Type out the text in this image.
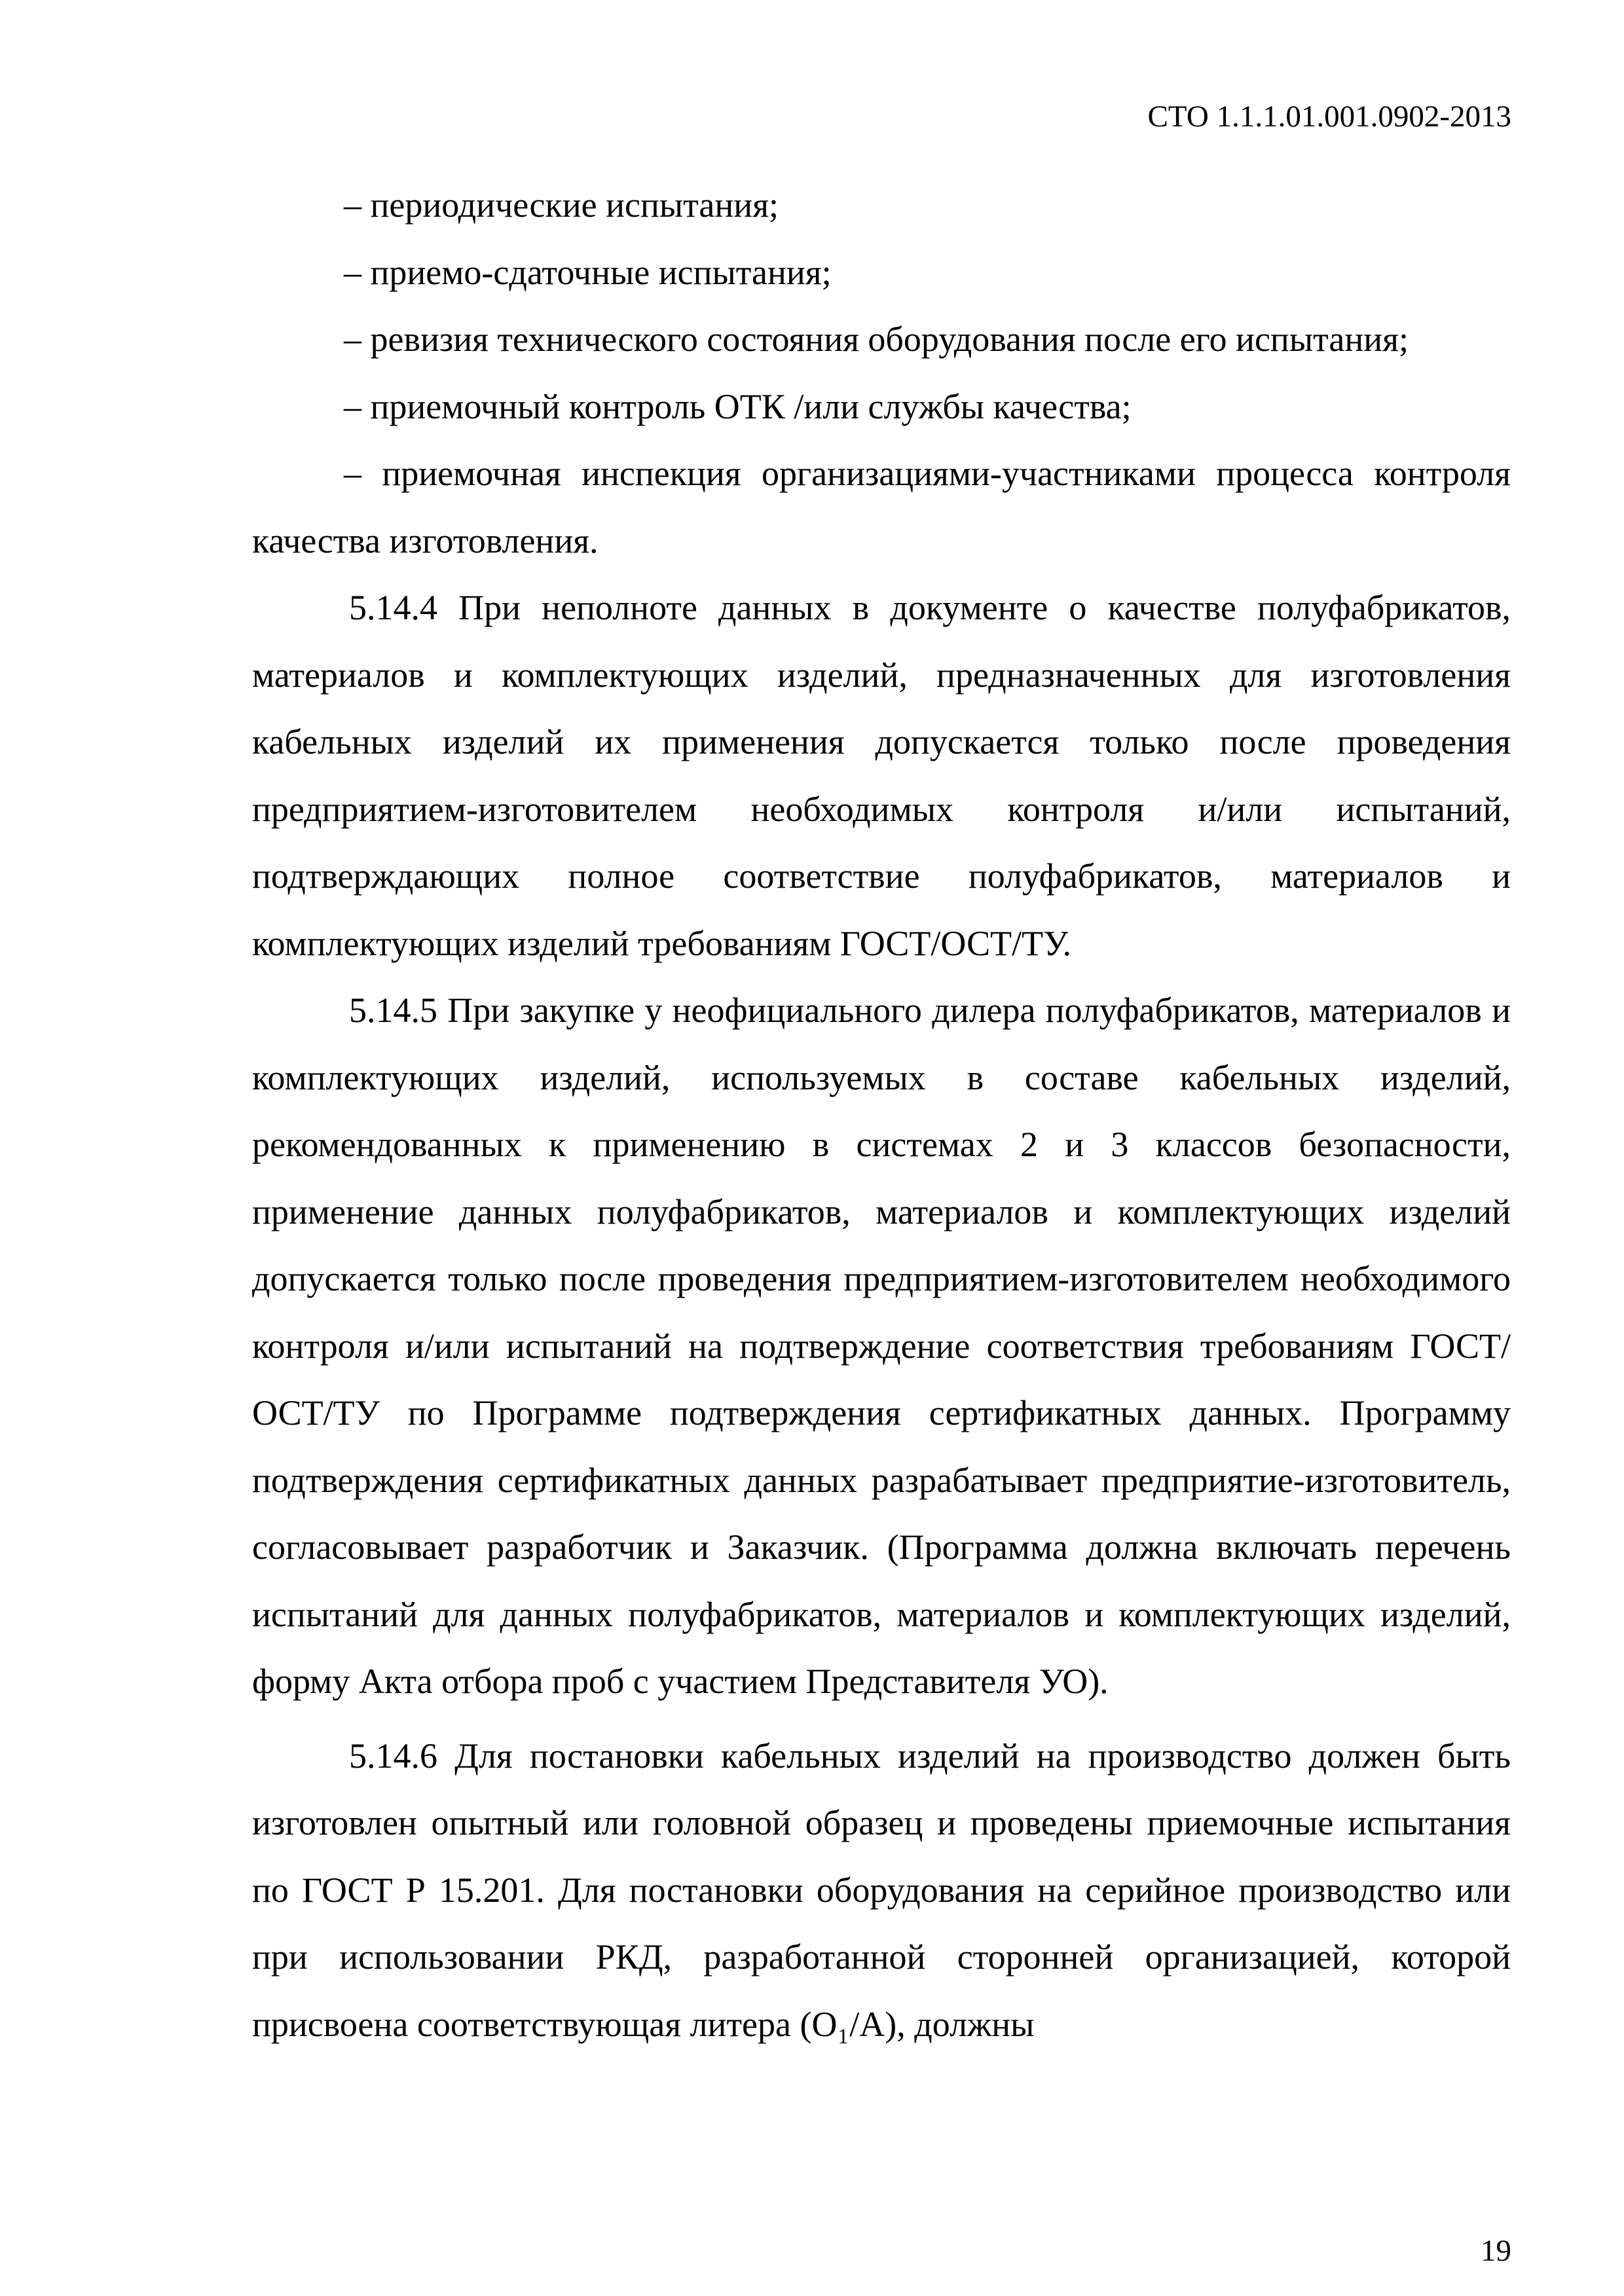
СТО 1.1.1.01.001.0902-2013

– периодические испытания;

– приемо-сдаточные испытания;

– ревизия технического состояния оборудования после его испытания;

– приемочный контроль ОТК /или службы качества;

– приемочная инспекция организациями-участниками процесса контроля качества изготовления.

5.14.4 При неполноте данных в документе о качестве полуфабрикатов, материалов и комплектующих изделий, предназначенных для изготовления кабельных изделий их применения допускается только после проведения предприятием-изготовителем необходимых контроля и/или испытаний, подтверждающих полное соответствие полуфабрикатов, материалов и комплектующих изделий требованиям ГОСТ/ОСТ/ТУ.

5.14.5 При закупке у неофициального дилера полуфабрикатов, материалов и комплектующих изделий, используемых в составе кабельных изделий, рекомендованных к применению в системах 2 и 3 классов безопасности, применение данных полуфабрикатов, материалов и комплектующих изделий допускается только после проведения предприятием-изготовителем необходимого контроля и/или испытаний на подтверждение соответствия требованиям ГОСТ/ОСТ/ТУ по Программе подтверждения сертификатных данных. Программу подтверждения сертификатных данных разрабатывает предприятие-изготовитель, согласовывает разработчик и Заказчик. (Программа должна включать перечень испытаний для данных полуфабрикатов, материалов и комплектующих изделий, форму Акта отбора проб с участием Представителя УО).

5.14.6 Для постановки кабельных изделий на производство должен быть изготовлен опытный или головной образец и проведены приемочные испытания по ГОСТ Р 15.201. Для постановки оборудования на серийное производство или при использовании РКД, разработанной сторонней организацией, которой присвоена соответствующая литера (O₁/A), должны

19
